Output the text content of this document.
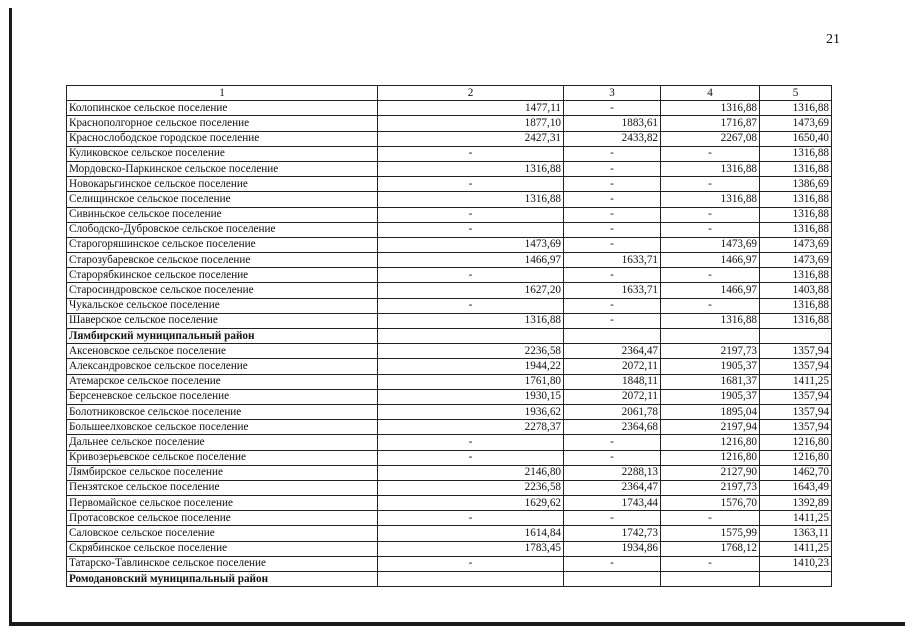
21
1	2	3	4	5
Колопинское сельское поселение	1477,11	-	1316,88	1316,88
Краснополгорное сельское поселение	1877,10	1883,61	1716,87	1473,69
Краснослободское городское поселение	2427,31	2433,82	2267,08	1650,40
Куликовское сельское поселение	-	-	-	1316,88
Мордовско-Паркинское сельское поселение	1316,88	-	1316,88	1316,88
Новокарьгинское сельское поселение	-	-	-	1386,69
Селищинское сельское поселение	1316,88	-	1316,88	1316,88
Сивиньское сельское поселение	-	-	-	1316,88
Слободско-Дубровское сельское поселение	-	-	-	1316,88
Старогоряшинское сельское поселение	1473,69	-	1473,69	1473,69
Старозубаревское сельское поселение	1466,97	1633,71	1466,97	1473,69
Старорябкинское сельское поселение	-	-	-	1316,88
Старосиндровское сельское поселение	1627,20	1633,71	1466,97	1403,88
Чукальское сельское поселение	-	-	-	1316,88
Шаверское сельское поселение	1316,88	-	1316,88	1316,88
Лямбирский муниципальный район				
Аксеновское сельское поселение	2236,58	2364,47	2197,73	1357,94
Александровское сельское поселение	1944,22	2072,11	1905,37	1357,94
Атемарское сельское поселение	1761,80	1848,11	1681,37	1411,25
Берсеневское сельское поселение	1930,15	2072,11	1905,37	1357,94
Болотниковское сельское поселение	1936,62	2061,78	1895,04	1357,94
Большеелховское сельское поселение	2278,37	2364,68	2197,94	1357,94
Дальнее сельское поселение	-	-	1216,80	1216,80
Кривозерьевское сельское поселение	-	-	1216,80	1216,80
Лямбирское сельское поселение	2146,80	2288,13	2127,90	1462,70
Пензятское сельское поселение	2236,58	2364,47	2197,73	1643,49
Первомайское сельское поселение	1629,62	1743,44	1576,70	1392,89
Протасовское сельское поселение	-	-	-	1411,25
Саловское сельское поселение	1614,84	1742,73	1575,99	1363,11
Скрябинское сельское поселение	1783,45	1934,86	1768,12	1411,25
Татарско-Тавлинское сельское поселение	-	-	-	1410,23
Ромодановский муниципальный район				
